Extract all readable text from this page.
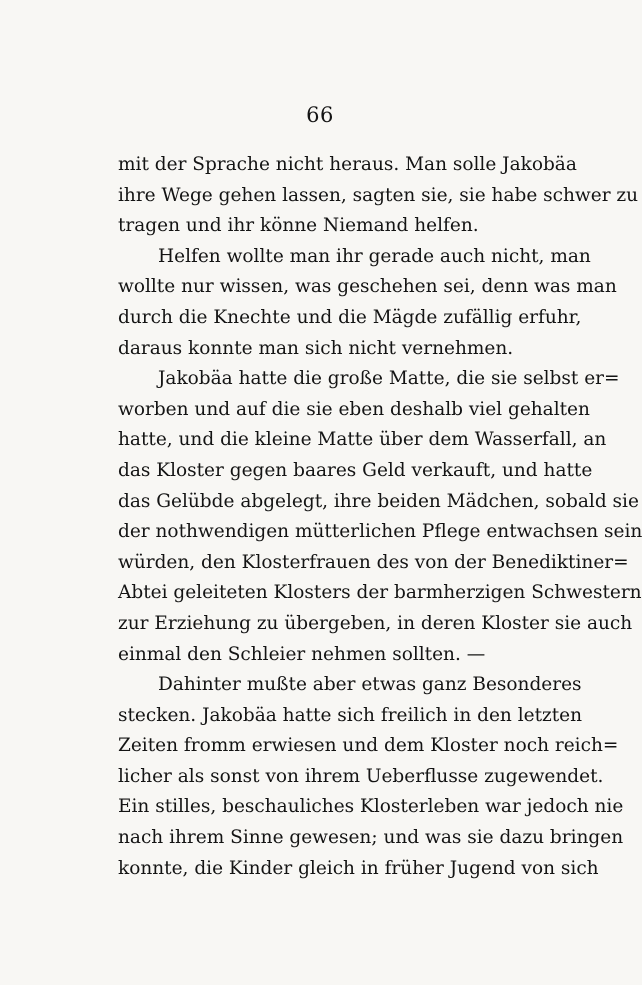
66
mit der Sprache nicht heraus. Man solle Jakobäa
ihre Wege gehen lassen, sagten sie, sie habe schwer zu
tragen und ihr könne Niemand helfen.
Helfen wollte man ihr gerade auch nicht, man
wollte nur wissen, was geschehen sei, denn was man
durch die Knechte und die Mägde zufällig erfuhr,
daraus konnte man sich nicht vernehmen.
Jakobäa hatte die große Matte, die sie selbst er=
worben und auf die sie eben deshalb viel gehalten
hatte, und die kleine Matte über dem Wasserfall, an
das Kloster gegen baares Geld verkauft, und hatte
das Gelübde abgelegt, ihre beiden Mädchen, sobald sie
der nothwendigen mütterlichen Pflege entwachsen sein
würden, den Klosterfrauen des von der Benediktiner=
Abtei geleiteten Klosters der barmherzigen Schwestern
zur Erziehung zu übergeben, in deren Kloster sie auch
einmal den Schleier nehmen sollten. —
Dahinter mußte aber etwas ganz Besonderes
stecken. Jakobäa hatte sich freilich in den letzten
Zeiten fromm erwiesen und dem Kloster noch reich=
licher als sonst von ihrem Ueberflusse zugewendet.
Ein stilles, beschauliches Klosterleben war jedoch nie
nach ihrem Sinne gewesen; und was sie dazu bringen
konnte, die Kinder gleich in früher Jugend von sich
